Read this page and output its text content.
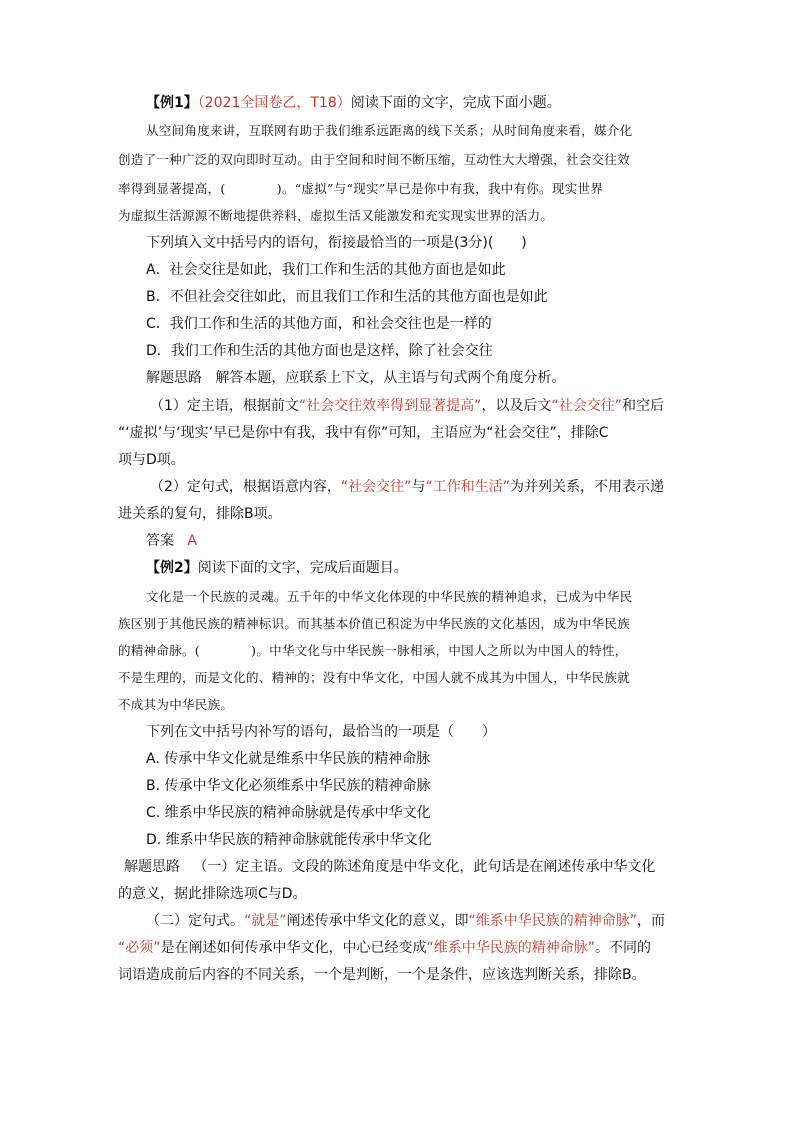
【例1】（2021全国卷乙，T18）阅读下面的文字，完成下面小题。
从空间角度来讲，互联网有助于我们维系远距离的线下关系；从时间角度来看，媒介化
创造了一种广泛的双向即时互动。由于空间和时间不断压缩，互动性大大增强，社会交往效
率得到显著提高，(　　　　)。“虚拟”与“现实”早已是你中有我，我中有你。现实世界
为虚拟生活源源不断地提供养料，虚拟生活又能激发和充实现实世界的活力。
下列填入文中括号内的语句，衔接最恰当的一项是(3分)(　　)
A．社会交往是如此，我们工作和生活的其他方面也是如此
B．不但社会交往如此，而且我们工作和生活的其他方面也是如此
C．我们工作和生活的其他方面，和社会交往也是一样的
D．我们工作和生活的其他方面也是这样，除了社会交往
解题思路 解答本题，应联系上下文，从主语与句式两个角度分析。
（1）定主语，根据前文“社会交往效率得到显著提高”，以及后文“社会交往”和空后
“‘虚拟’与‘现实’早已是你中有我，我中有你”可知，主语应为“社会交往”，排除C
项与D项。
（2）定句式，根据语意内容，“社会交往”与“工作和生活”为并列关系，不用表示递
进关系的复句，排除B项。
答案 A
【例2】阅读下面的文字，完成后面题目。
文化是一个民族的灵魂。五千年的中华文化体现的中华民族的精神追求，已成为中华民
族区别于其他民族的精神标识。而其基本价值已积淀为中华民族的文化基因，成为中华民族
的精神命脉。(　　　　)。中华文化与中华民族一脉相承，中国人之所以为中国人的特性，
不是生理的，而是文化的、精神的；没有中华文化，中国人就不成其为中国人，中华民族就
不成其为中华民族。
下列在文中括号内补写的语句，最恰当的一项是（　　）
A. 传承中华文化就是维系中华民族的精神命脉
B. 传承中华文化必须维系中华民族的精神命脉
C. 维系中华民族的精神命脉就是传承中华文化
D. 维系中华民族的精神命脉就能传承中华文化
解题思路 （一）定主语。文段的陈述角度是中华文化，此句话是在阐述传承中华文化
的意义，据此排除选项C与D。
（二）定句式。“就是”阐述传承中华文化的意义，即“维系中华民族的精神命脉”，而
“必须”是在阐述如何传承中华文化，中心已经变成“维系中华民族的精神命脉”。不同的
词语造成前后内容的不同关系，一个是判断，一个是条件，应该选判断关系，排除B。
